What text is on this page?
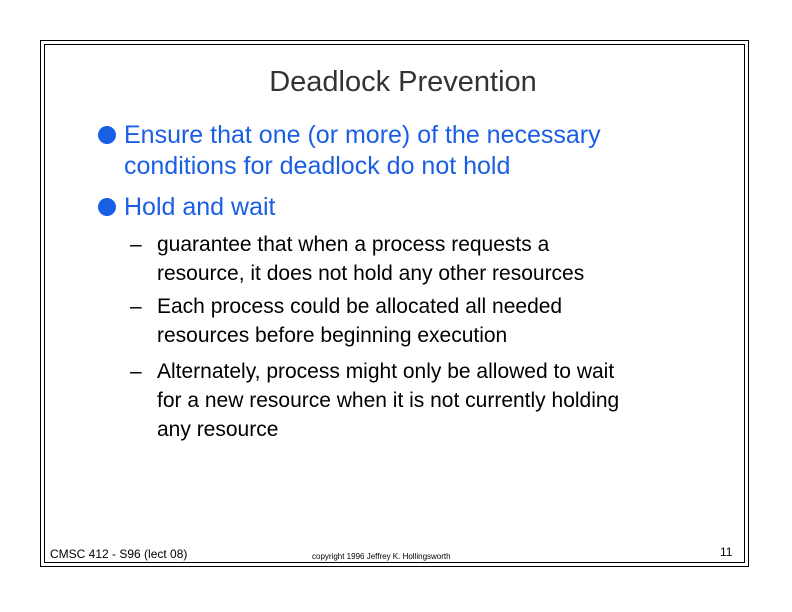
Deadlock Prevention
Ensure that one (or more) of the necessary
conditions for deadlock do not hold
Hold and wait
– guarantee that when a process requests a
resource, it does not hold any other resources
– Each process could be allocated all needed
resources before beginning execution
– Alternately, process might only be allowed to wait
for a new resource when it is not currently holding
any resource
CMSC 412 - S96 (lect 08)	copyright 1996 Jeffrey K. Hollingsworth	11
